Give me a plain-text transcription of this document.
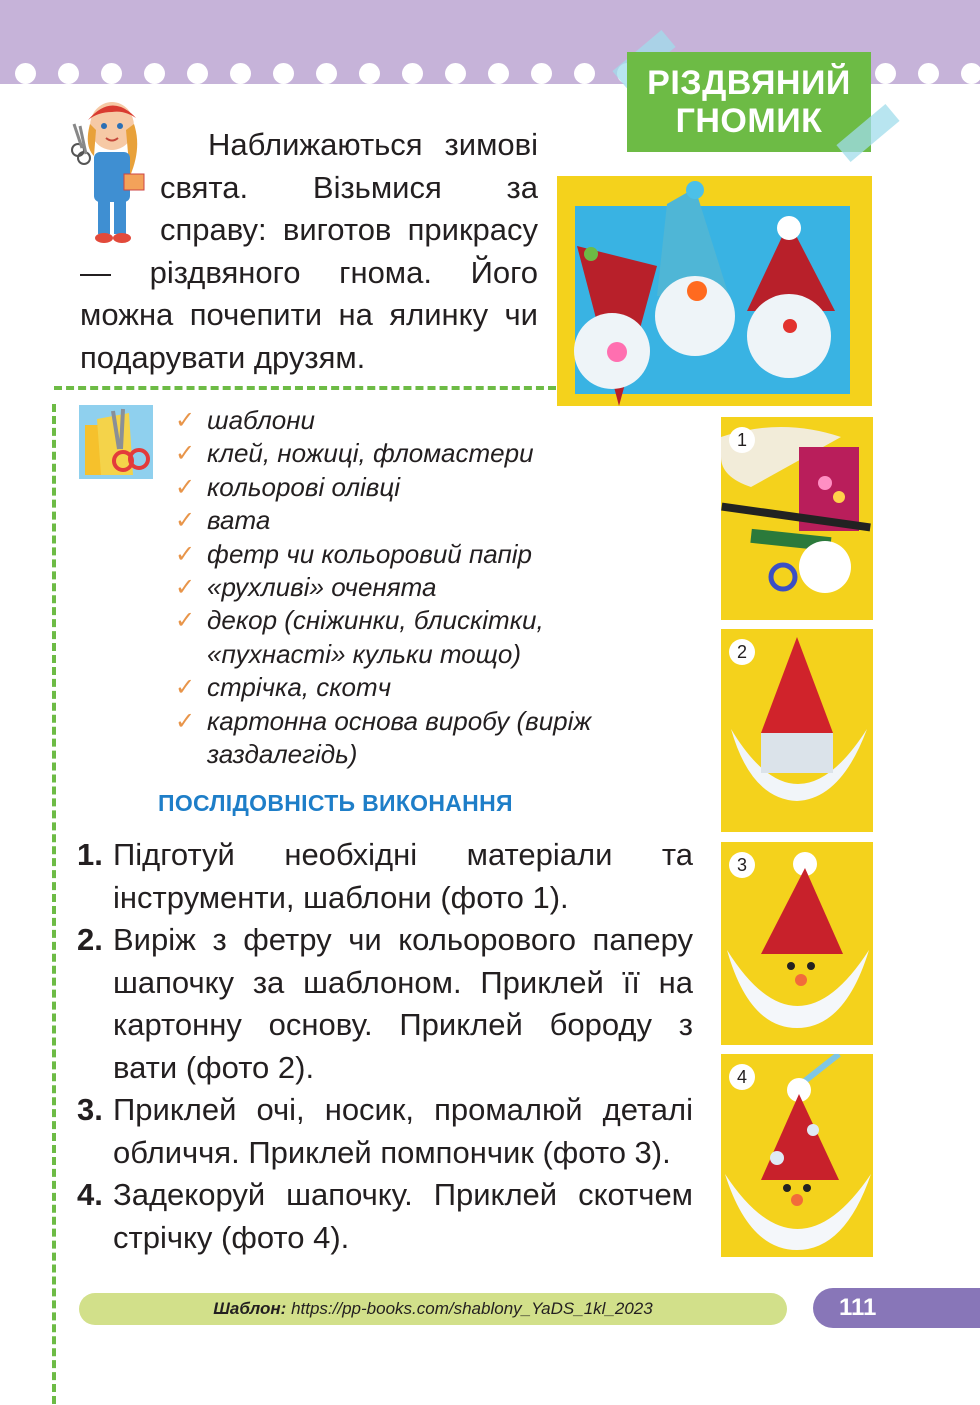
РІЗДВЯНИЙ
ГНОМИК

Наближаються зимові свята. Візьмися за справу: виготов прикрасу — різдвяного гнома. Його можна почепити на ялинку чи подарувати друзям.

✓ шаблони
✓ клей, ножиці, фломастери
✓ кольорові олівці
✓ вата
✓ фетр чи кольоровий папір
✓ «рухливі» оченята
✓ декор (сніжинки, блискітки, «пухнасті» кульки тощо)
✓ стрічка, скотч
✓ картонна основа виробу (виріж заздалегідь)
ПОСЛІДОВНІСТЬ ВИКОНАННЯ
1. Підготуй необхідні матеріали та інструменти, шаблони (фото 1).
2. Виріж з фетру чи кольорового паперу шапочку за шаблоном. Приклей її на картонну основу. Приклей бороду з вати (фото 2).
3. Приклей очі, носик, промалюй деталі обличчя. Приклей помпончик (фото 3).
4. Задекоруй шапочку. Приклей скотчем стрічку (фото 4).
1
2
3
4
Шаблон: https://pp-books.com/shablony_YaDS_1kl_2023	111
